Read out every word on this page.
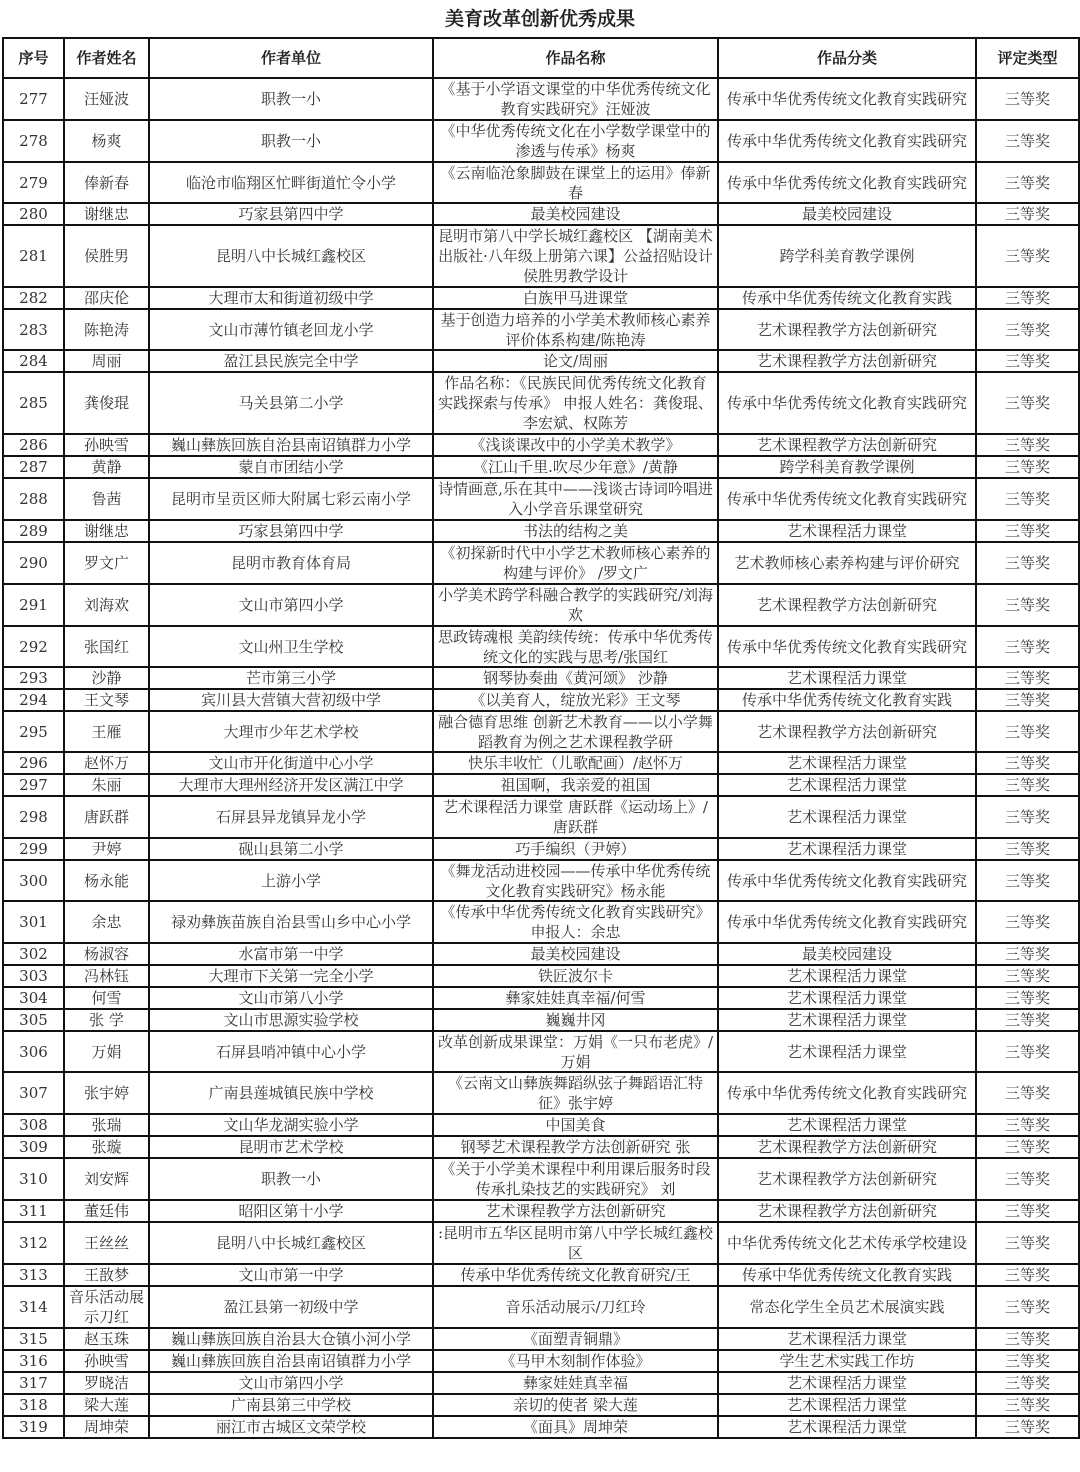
美育改革创新优秀成果
序号	作者姓名	作者单位	作品名称	作品分类	评定类型

277	汪娅波	职教一小	《基于小学语文课堂的中华优秀传统文化教育实践研究》汪娅波	传承中华优秀传统文化教育实践研究	三等奖

278	杨爽	职教一小	《中华优秀传统文化在小学数学课堂中的渗透与传承》杨爽	传承中华优秀传统文化教育实践研究	三等奖

279	俸新春	临沧市临翔区忙畔街道忙令小学	《云南临沧象脚鼓在课堂上的运用》俸新春	传承中华优秀传统文化教育实践研究	三等奖

280	谢继忠	巧家县第四中学	最美校园建设	最美校园建设	三等奖

281	侯胜男	昆明八中长城红鑫校区	昆明市第八中学长城红鑫校区 【湖南美术出版社·八年级上册第六课】公益招贴设计 侯胜男教学设计	跨学科美育教学课例	三等奖

282	邵庆伦	大理市太和街道初级中学	白族甲马进课堂	传承中华优秀传统文化教育实践	三等奖

283	陈艳涛	文山市薄竹镇老回龙小学	基于创造力培养的小学美术教师核心素养评价体系构建/陈艳涛	艺术课程教学方法创新研究	三等奖

284	周丽	盈江县民族完全中学	论文/周丽	艺术课程教学方法创新研究	三等奖

285	龚俊琨	马关县第二小学	作品名称：《民族民间优秀传统文化教育实践探索与传承》 申报人姓名：龚俊琨、李宏斌、权陈芳	传承中华优秀传统文化教育实践研究	三等奖

286	孙映雪	巍山彝族回族自治县南诏镇群力小学	《浅谈课改中的小学美术教学》	艺术课程教学方法创新研究	三等奖

287	黄静	蒙自市团结小学	《江山千里.吹尽少年意》/黄静	跨学科美育教学课例	三等奖

288	鲁茜	昆明市呈贡区师大附属七彩云南小学	诗情画意,乐在其中——浅谈古诗词吟唱进入小学音乐课堂研究	传承中华优秀传统文化教育实践研究	三等奖

289	谢继忠	巧家县第四中学	书法的结构之美	艺术课程活力课堂	三等奖

290	罗文广	昆明市教育体育局	《初探新时代中小学艺术教师核心素养的构建与评价》 /罗文广	艺术教师核心素养构建与评价研究	三等奖

291	刘海欢	文山市第四小学	小学美术跨学科融合教学的实践研究/刘海欢	艺术课程教学方法创新研究	三等奖

292	张国红	文山州卫生学校	思政铸魂根 美韵续传统：传承中华优秀传统文化的实践与思考/张国红	传承中华优秀传统文化教育实践研究	三等奖

293	沙静	芒市第三小学	钢琴协奏曲《黄河颂》 沙静	艺术课程活力课堂	三等奖

294	王文琴	宾川县大营镇大营初级中学	《以美育人，绽放光彩》王文琴	传承中华优秀传统文化教育实践	三等奖

295	王雁	大理市少年艺术学校	融合德育思维 创新艺术教育——以小学舞蹈教育为例之艺术课程教学研	艺术课程教学方法创新研究	三等奖

296	赵怀万	文山市开化街道中心小学	快乐丰收忙（儿歌配画）/赵怀万	艺术课程活力课堂	三等奖

297	朱丽	大理市大理州经济开发区满江中学	祖国啊，我亲爱的祖国	艺术课程活力课堂	三等奖

298	唐跃群	石屏县异龙镇异龙小学	艺术课程活力课堂 唐跃群《运动场上》/唐跃群	艺术课程活力课堂	三等奖

299	尹婷	砚山县第二小学	巧手编织（尹婷）	艺术课程活力课堂	三等奖

300	杨永能	上游小学	《舞龙活动进校园——传承中华优秀传统文化教育实践研究》杨永能	传承中华优秀传统文化教育实践研究	三等奖

301	余忠	禄劝彝族苗族自治县雪山乡中心小学	《传承中华优秀传统文化教育实践研究》 申报人：余忠	传承中华优秀传统文化教育实践研究	三等奖

302	杨淑容	水富市第一中学	最美校园建设	最美校园建设	三等奖

303	冯林钰	大理市下关第一完全小学	铁匠波尔卡	艺术课程活力课堂	三等奖

304	何雪	文山市第八小学	彝家娃娃真幸福/何雪	艺术课程活力课堂	三等奖

305	张 学	文山市思源实验学校	巍巍井冈	艺术课程活力课堂	三等奖

306	万娟	石屏县哨冲镇中心小学	改革创新成果课堂：万娟《一只布老虎》/万娟	艺术课程活力课堂	三等奖

307	张宇婷	广南县莲城镇民族中学校	《云南文山彝族舞蹈纵弦子舞蹈语汇特征》张宇婷	传承中华优秀传统文化教育实践研究	三等奖

308	张瑞	文山华龙湖实验小学	中国美食	艺术课程活力课堂	三等奖

309	张璇	昆明市艺术学校	钢琴艺术课程教学方法创新研究 张	艺术课程教学方法创新研究	三等奖

310	刘安辉	职教一小	《关于小学美术课程中利用课后服务时段传承扎染技艺的实践研究》 刘	艺术课程教学方法创新研究	三等奖

311	董廷伟	昭阳区第十小学	艺术课程教学方法创新研究	艺术课程教学方法创新研究	三等奖

312	王丝丝	昆明八中长城红鑫校区	:昆明市五华区昆明市第八中学长城红鑫校区	中华优秀传统文化艺术传承学校建设	三等奖

313	王敔梦	文山市第一中学	传承中华优秀传统文化教育研究/王	传承中华优秀传统文化教育实践	三等奖

314	音乐活动展示刀红	盈江县第一初级中学	音乐活动展示/刀红玲	常态化学生全员艺术展演实践	三等奖

315	赵玉珠	巍山彝族回族自治县大仓镇小河小学	《面塑青铜鼎》	艺术课程活力课堂	三等奖

316	孙映雪	巍山彝族回族自治县南诏镇群力小学	《马甲木刻制作体验》	学生艺术实践工作坊	三等奖

317	罗晓洁	文山市第四小学	彝家娃娃真幸福	艺术课程活力课堂	三等奖

318	梁大莲	广南县第三中学校	亲切的使者 梁大莲	艺术课程活力课堂	三等奖

319	周坤荣	丽江市古城区文荣学校	《面具》周坤荣	艺术课程活力课堂	三等奖
